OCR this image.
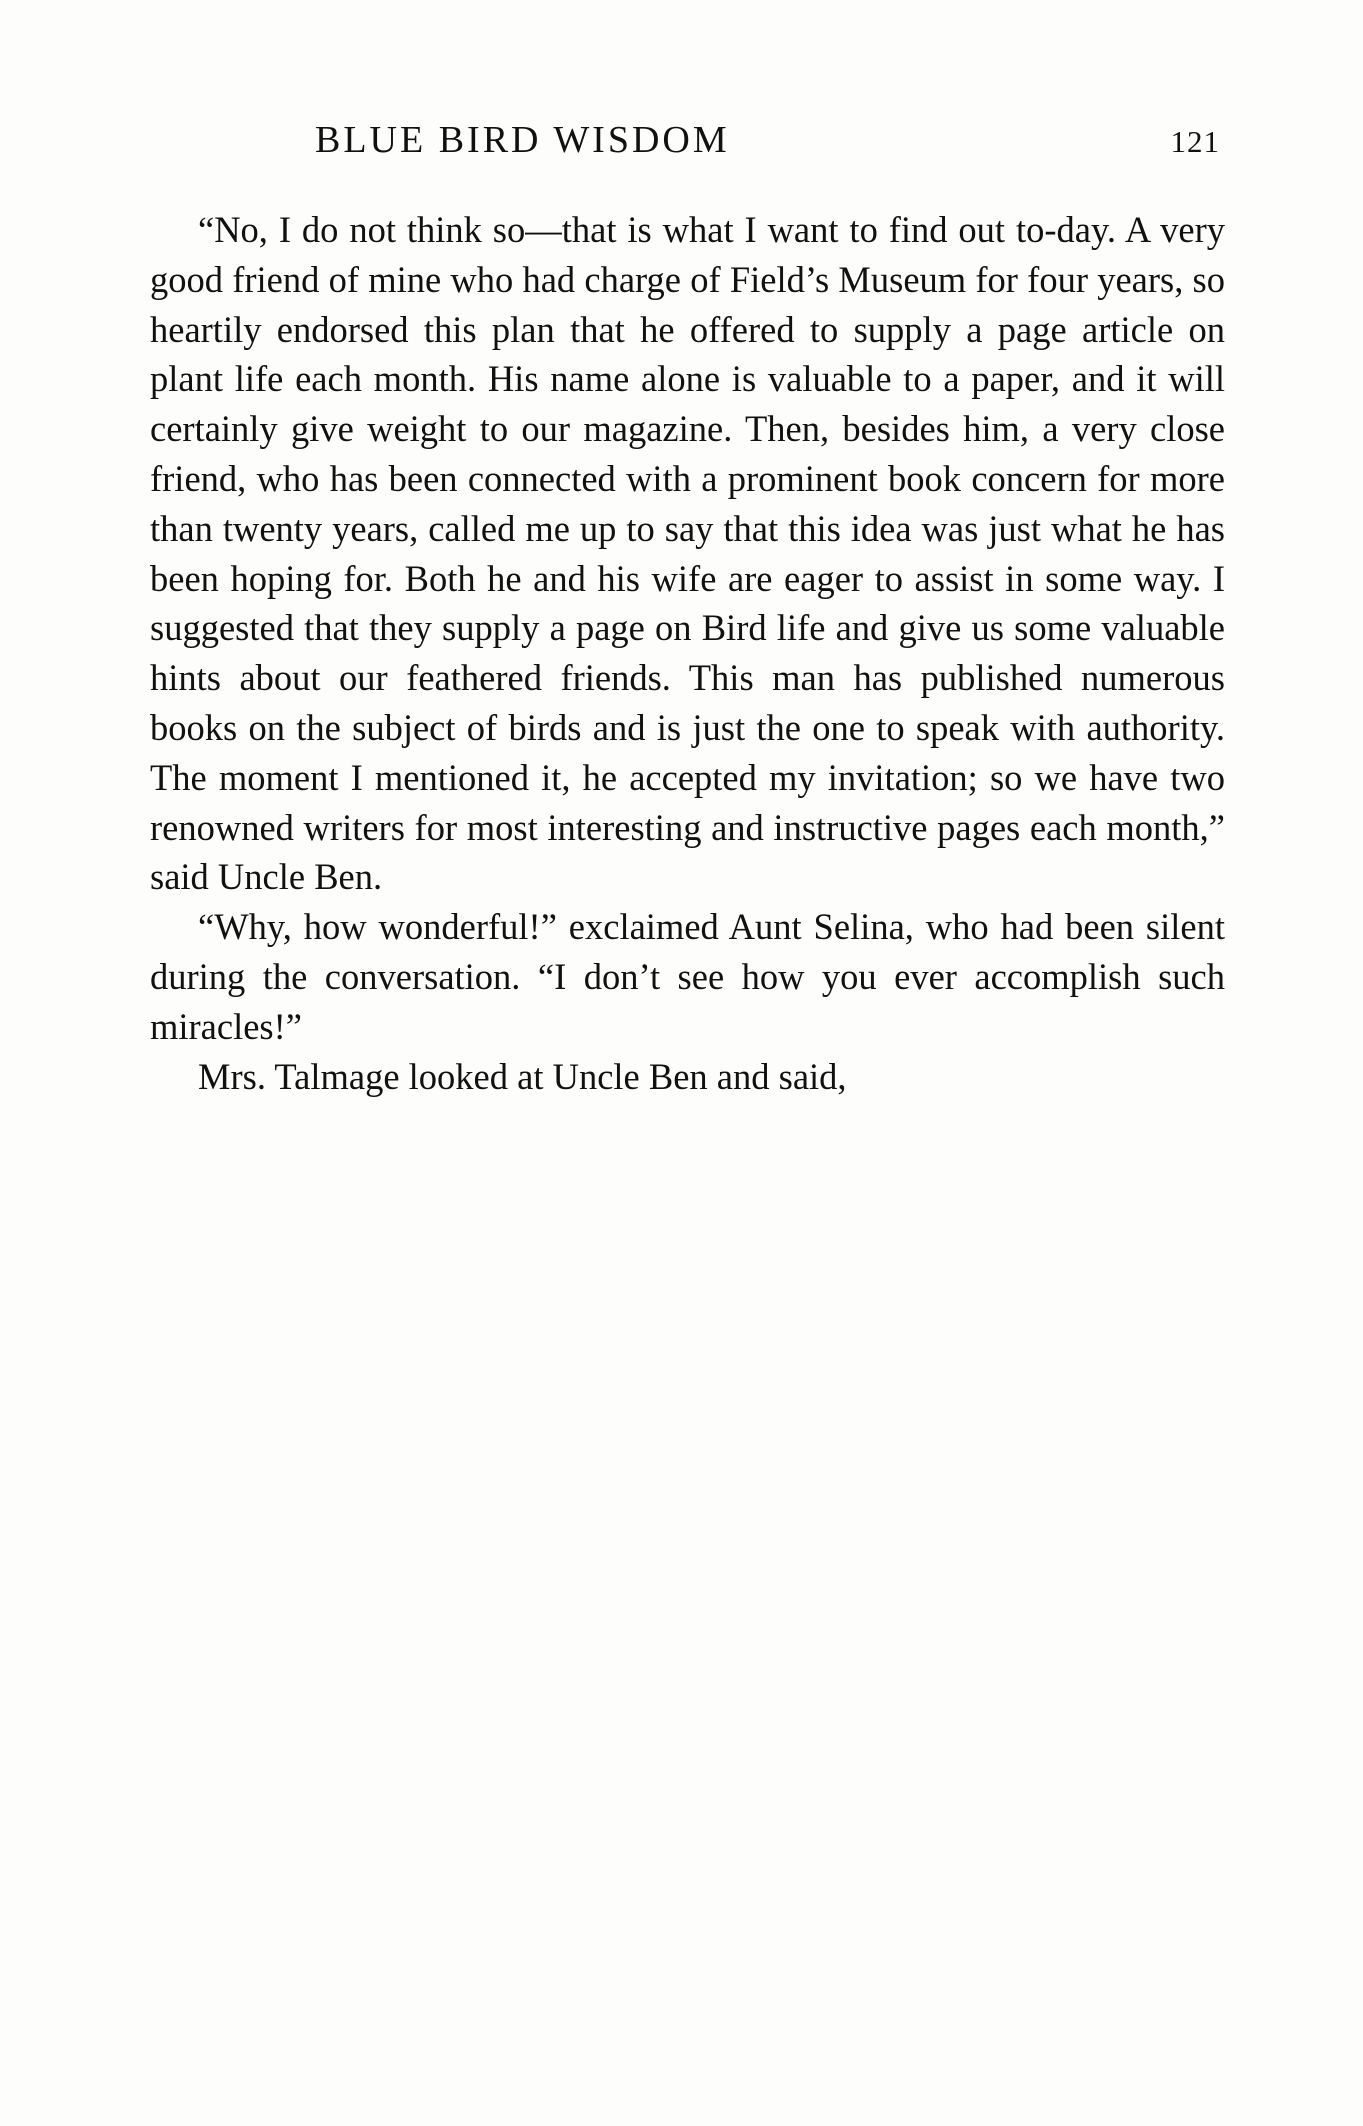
BLUE BIRD WISDOM	121

“No, I do not think so—that is what I want to find out to-day. A very good friend of mine who had charge of Field’s Museum for four years, so heartily endorsed this plan that he offered to supply a page article on plant life each month. His name alone is valuable to a paper, and it will certainly give weight to our magazine. Then, besides him, a very close friend, who has been connected with a prominent book concern for more than twenty years, called me up to say that this idea was just what he has been hoping for. Both he and his wife are eager to assist in some way. I suggested that they supply a page on Bird life and give us some valuable hints about our feathered friends. This man has published numerous books on the subject of birds and is just the one to speak with authority. The moment I mentioned it, he accepted my invitation; so we have two renowned writers for most interesting and instructive pages each month,” said Uncle Ben.

“Why, how wonderful!” exclaimed Aunt Selina, who had been silent during the conversation. “I don’t see how you ever accomplish such miracles!”

Mrs. Talmage looked at Uncle Ben and said,
